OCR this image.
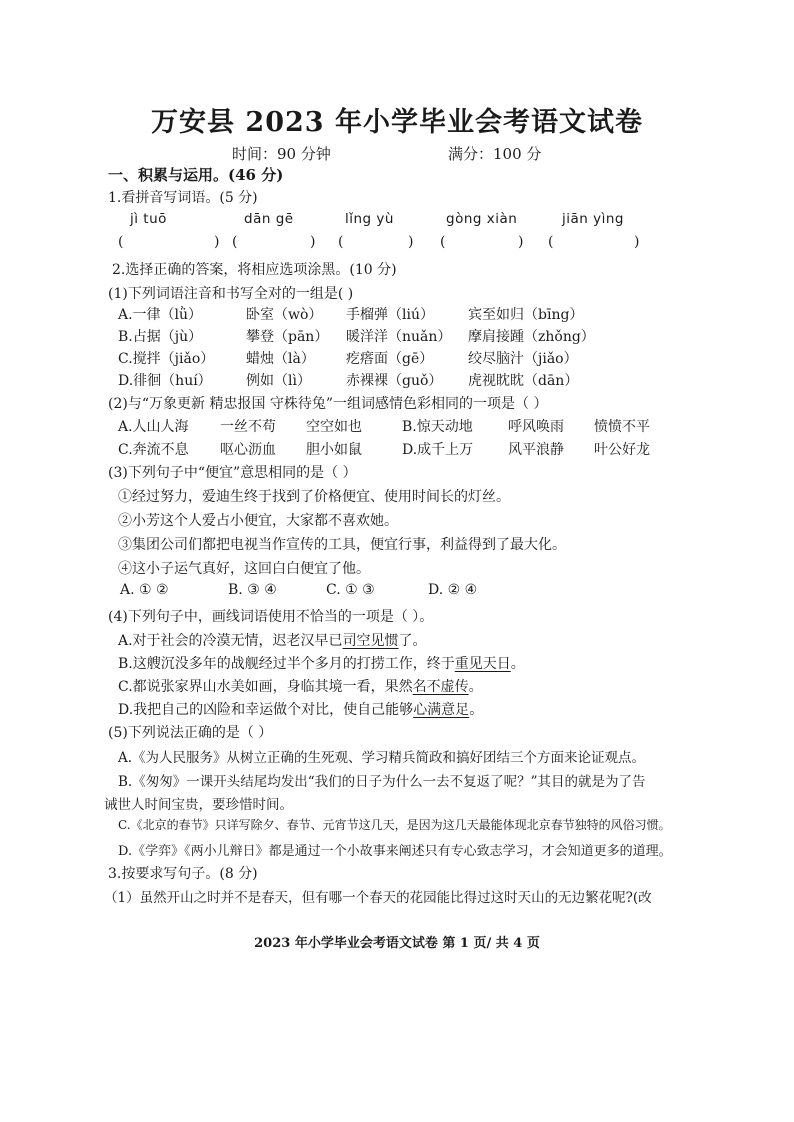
万安县 2023 年小学毕业会考语文试卷
时间：90 分钟	满分：100 分
一、积累与运用。(46 分)
1.看拼音写词语。(5 分)
jì tuō	dān gē	lǐng yù	gòng xiàn	jiān yìng
(	) (	) (	) (	) (	)
2.选择正确的答案，将相应选项涂黑。(10 分)
(1)下列词语注音和书写全对的一组是( )
A.一律（lǜ）	卧室（wò） 手榴弹（liú） 宾至如归（bīng）
B.占据（jù）	攀登（pān） 暖洋洋（nuǎn） 摩肩接踵（zhǒng）
C.搅拌（jiǎo） 蜡烛（là） 疙瘩面（gē） 绞尽脑汁（jiǎo）
D.徘徊（huí） 例如（lì）	赤裸裸（guǒ） 虎视眈眈（dān）
(2)与“万象更新 精忠报国 守株待兔”一组词感情色彩相同的一项是（ ）
A.人山人海 一丝不苟 空空如也	B.惊天动地	呼风唤雨 愤愤不平
C.奔流不息 呕心沥血 胆小如鼠	D.成千上万 风平浪静 叶公好龙
(3)下列句子中“便宜”意思相同的是（ ）
①经过努力，爱迪生终于找到了价格便宜、使用时间长的灯丝。
②小芳这个人爱占小便宜，大家都不喜欢她。
③集团公司们都把电视当作宣传的工具，便宜行事，利益得到了最大化。
④这小子运气真好，这回白白便宜了他。
A. ① ②	B. ③ ④	C. ① ③	D. ② ④
(4)下列句子中，画线词语使用不恰当的一项是（ ）。
A.对于社会的冷漠无情，迟老汉早已司空见惯了。
B.这艘沉没多年的战舰经过半个多月的打捞工作，终于重见天日。
C.都说张家界山水美如画，身临其境一看，果然名不虚传。
D.我把自己的凶险和幸运做个对比，使自己能够心满意足。
(5)下列说法正确的是（ ）
A.《为人民服务》从树立正确的生死观、学习精兵简政和搞好团结三个方面来论证观点。
B.《匆匆》一课开头结尾均发出“我们的日子为什么一去不复返了呢？”其目的就是为了告
诫世人时间宝贵，要珍惜时间。
C.《北京的春节》只详写除夕、春节、元宵节这几天，是因为这几天最能体现北京春节独特的风俗习惯。
D.《学弈》《两小儿辩日》都是通过一个小故事来阐述只有专心致志学习，才会知道更多的道理。
3.按要求写句子。(8 分)
（1）虽然开山之时并不是春天，但有哪一个春天的花园能比得过这时天山的无边繁花呢?(改
2023 年小学毕业会考语文试卷 第 1 页/ 共 4 页
